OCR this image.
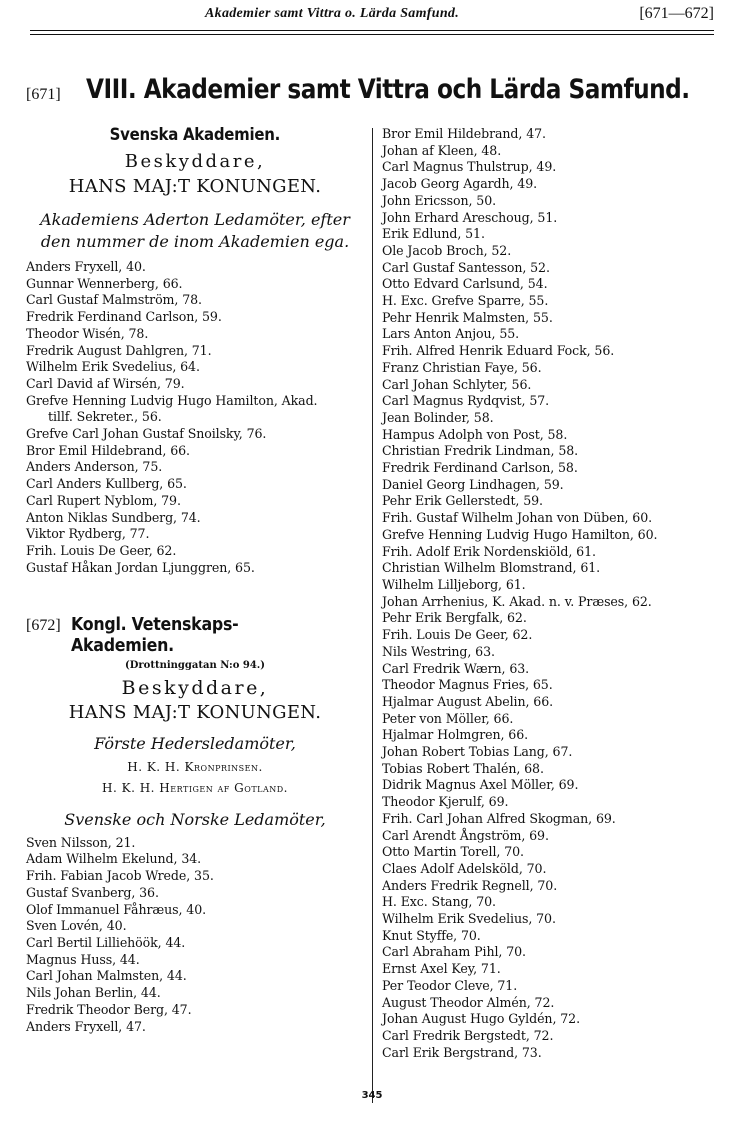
Akademier samt Vittra o. Lärda Samfund.	[671—672]
[671] VIII. Akademier samt Vittra och Lärda Samfund.
Svenska Akademien.
Beskyddare,
HANS MAJ:T KONUNGEN.
Akademiens Aderton Ledamöter, efter den nummer de inom Akademien ega.
Anders Fryxell, 40.
Gunnar Wennerberg, 66.
Carl Gustaf Malmström, 78.
Fredrik Ferdinand Carlson, 59.
Theodor Wisén, 78.
Fredrik August Dahlgren, 71.
Wilhelm Erik Svedelius, 64.
Carl David af Wirsén, 79.
Grefve Henning Ludvig Hugo Hamilton, Akad.
tillf. Sekreter., 56.
Grefve Carl Johan Gustaf Snoilsky, 76.
Bror Emil Hildebrand, 66.
Anders Anderson, 75.
Carl Anders Kullberg, 65.
Carl Rupert Nyblom, 79.
Anton Niklas Sundberg, 74.
Viktor Rydberg, 77.
Frih. Louis De Geer, 62.
Gustaf Håkan Jordan Ljunggren, 65.
[672] Kongl. Vetenskaps-Akademien.
(Drottninggatan N:o 94.)
Beskyddare,
HANS MAJ:T KONUNGEN.
Förste Hedersledamöter,
H. K. H. Kronprinsen.
H. K. H. Hertigen af Gotland.
Svenske och Norske Ledamöter,
Sven Nilsson, 21.
Adam Wilhelm Ekelund, 34.
Frih. Fabian Jacob Wrede, 35.
Gustaf Svanberg, 36.
Olof Immanuel Fåhræus, 40.
Sven Lovén, 40.
Carl Bertil Lilliehöök, 44.
Magnus Huss, 44.
Carl Johan Malmsten, 44.
Nils Johan Berlin, 44.
Fredrik Theodor Berg, 47.
Anders Fryxell, 47.
Bror Emil Hildebrand, 47.
Johan af Kleen, 48.
Carl Magnus Thulstrup, 49.
Jacob Georg Agardh, 49.
John Ericsson, 50.
John Erhard Areschoug, 51.
Erik Edlund, 51.
Ole Jacob Broch, 52.
Carl Gustaf Santesson, 52.
Otto Edvard Carlsund, 54.
H. Exc. Grefve Sparre, 55.
Pehr Henrik Malmsten, 55.
Lars Anton Anjou, 55.
Frih. Alfred Henrik Eduard Fock, 56.
Franz Christian Faye, 56.
Carl Johan Schlyter, 56.
Carl Magnus Rydqvist, 57.
Jean Bolinder, 58.
Hampus Adolph von Post, 58.
Christian Fredrik Lindman, 58.
Fredrik Ferdinand Carlson, 58.
Daniel Georg Lindhagen, 59.
Pehr Erik Gellerstedt, 59.
Frih. Gustaf Wilhelm Johan von Düben, 60.
Grefve Henning Ludvig Hugo Hamilton, 60.
Frih. Adolf Erik Nordenskiöld, 61.
Christian Wilhelm Blomstrand, 61.
Wilhelm Lilljeborg, 61.
Johan Arrhenius, K. Akad. n. v. Præses, 62.
Pehr Erik Bergfalk, 62.
Frih. Louis De Geer, 62.
Nils Westring, 63.
Carl Fredrik Wærn, 63.
Theodor Magnus Fries, 65.
Hjalmar August Abelin, 66.
Peter von Möller, 66.
Hjalmar Holmgren, 66.
Johan Robert Tobias Lang, 67.
Tobias Robert Thalén, 68.
Didrik Magnus Axel Möller, 69.
Theodor Kjerulf, 69.
Frih. Carl Johan Alfred Skogman, 69.
Carl Arendt Ångström, 69.
Otto Martin Torell, 70.
Claes Adolf Adelsköld, 70.
Anders Fredrik Regnell, 70.
H. Exc. Stang, 70.
Wilhelm Erik Svedelius, 70.
Knut Styffe, 70.
Carl Abraham Pihl, 70.
Ernst Axel Key, 71.
Per Teodor Cleve, 71.
August Theodor Almén, 72.
Johan August Hugo Gyldén, 72.
Carl Fredrik Bergstedt, 72.
Carl Erik Bergstrand, 73.
345
